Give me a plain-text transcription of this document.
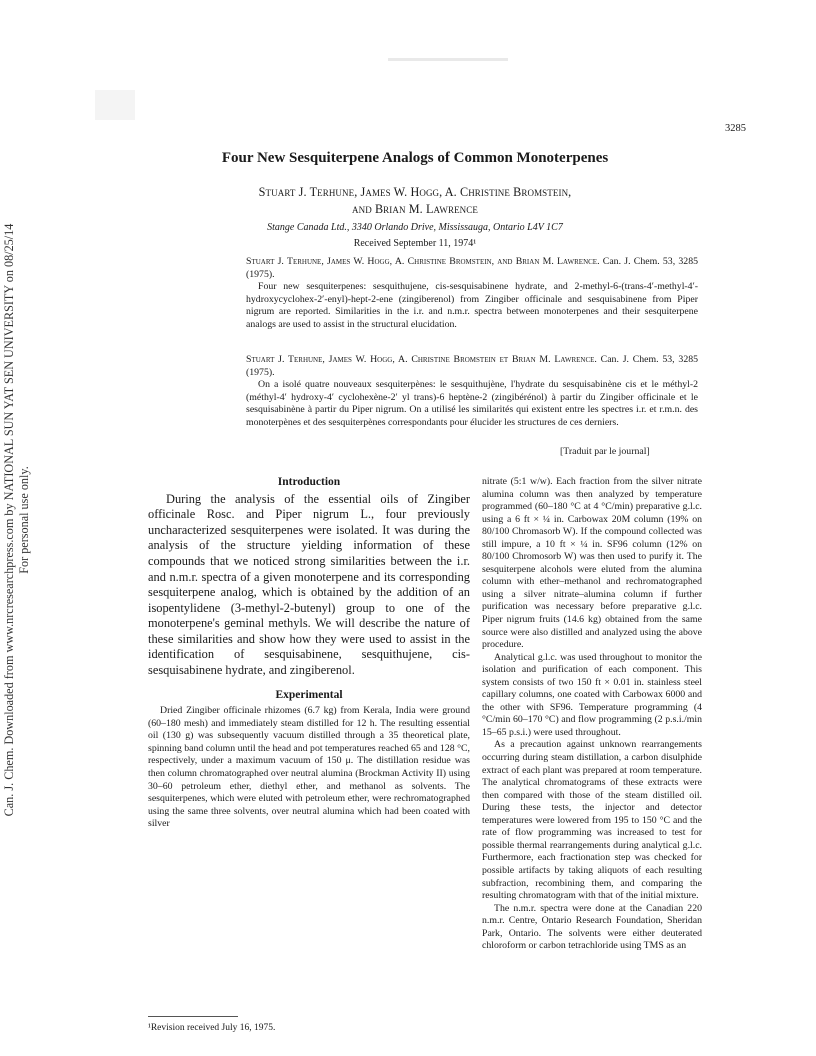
Can. J. Chem. Downloaded from www.nrcresearchpress.com by NATIONAL SUN YAT SEN UNIVERSITY on 08/25/14 For personal use only.
3285
Four New Sesquiterpene Analogs of Common Monoterpenes
Stuart J. Terhune, James W. Hogg, A. Christine Bromstein,
and Brian M. Lawrence
Stange Canada Ltd., 3340 Orlando Drive, Mississauga, Ontario L4V 1C7
Received September 11, 1974¹

Stuart J. Terhune, James W. Hogg, A. Christine Bromstein, and Brian M. Lawrence. Can. J. Chem. 53, 3285 (1975).

Four new sesquiterpenes: sesquithujene, cis-sesquisabinene hydrate, and 2-methyl-6-(trans-4′-methyl-4′-hydroxycyclohex-2′-enyl)-hept-2-ene (zingiberenol) from Zingiber officinale and sesquisabinene from Piper nigrum are reported. Similarities in the i.r. and n.m.r. spectra between monoterpenes and their sesquiterpene analogs are used to assist in the structural elucidation.

Stuart J. Terhune, James W. Hogg, A. Christine Bromstein et Brian M. Lawrence. Can. J. Chem. 53, 3285 (1975).

On a isolé quatre nouveaux sesquiterpènes: le sesquithujène, l'hydrate du sesquisabinène cis et le méthyl-2 (méthyl-4′ hydroxy-4′ cyclohexène-2′ yl trans)-6 heptène-2 (zingibérénol) à partir du Zingiber officinale et le sesquisabinène à partir du Piper nigrum. On a utilisé les similarités qui existent entre les spectres i.r. et r.m.n. des monoterpènes et des sesquiterpènes correspondants pour élucider les structures de ces derniers.

[Traduit par le journal]
Introduction

During the analysis of the essential oils of Zingiber officinale Rosc. and Piper nigrum L., four previously uncharacterized sesquiterpenes were isolated. It was during the analysis of the structure yielding information of these compounds that we noticed strong similarities between the i.r. and n.m.r. spectra of a given monoterpene and its corresponding sesquiterpene analog, which is obtained by the addition of an isopentylidene (3-methyl-2-butenyl) group to one of the monoterpene's geminal methyls. We will describe the nature of these similarities and show how they were used to assist in the identification of sesquisabinene, sesquithujene, cis-sesquisabinene hydrate, and zingiberenol.

Experimental

Dried Zingiber officinale rhizomes (6.7 kg) from Kerala, India were ground (60–180 mesh) and immediately steam distilled for 12 h. The resulting essential oil (130 g) was subsequently vacuum distilled through a 35 theoretical plate, spinning band column until the head and pot temperatures reached 65 and 128 °C, respectively, under a maximum vacuum of 150 μ. The distillation residue was then column chromatographed over neutral alumina (Brockman Activity II) using 30–60 petroleum ether, diethyl ether, and methanol as solvents. The sesquiterpenes, which were eluted with petroleum ether, were rechromatographed using the same three solvents, over neutral alumina which had been coated with silver

nitrate (5:1 w/w). Each fraction from the silver nitrate alumina column was then analyzed by temperature programmed (60–180 °C at 4 °C/min) preparative g.l.c. using a 6 ft × ¼ in. Carbowax 20M column (19% on 80/100 Chromasorb W). If the compound collected was still impure, a 10 ft × ¼ in. SF96 column (12% on 80/100 Chromosorb W) was then used to purify it. The sesquiterpene alcohols were eluted from the alumina column with ether–methanol and rechromatographed using a silver nitrate–alumina column if further purification was necessary before preparative g.l.c. Piper nigrum fruits (14.6 kg) obtained from the same source were also distilled and analyzed using the above procedure.

Analytical g.l.c. was used throughout to monitor the isolation and purification of each component. This system consists of two 150 ft × 0.01 in. stainless steel capillary columns, one coated with Carbowax 6000 and the other with SF96. Temperature programming (4 °C/min 60–170 °C) and flow programming (2 p.s.i./min 15–65 p.s.i.) were used throughout.

As a precaution against unknown rearrangements occurring during steam distillation, a carbon disulphide extract of each plant was prepared at room temperature. The analytical chromatograms of these extracts were then compared with those of the steam distilled oil. During these tests, the injector and detector temperatures were lowered from 195 to 150 °C and the rate of flow programming was increased to test for possible thermal rearrangements during analytical g.l.c. Furthermore, each fractionation step was checked for possible artifacts by taking aliquots of each resulting subfraction, recombining them, and comparing the resulting chromatogram with that of the initial mixture.

The n.m.r. spectra were done at the Canadian 220 n.m.r. Centre, Ontario Research Foundation, Sheridan Park, Ontario. The solvents were either deuterated chloroform or carbon tetrachloride using TMS as an

¹Revision received July 16, 1975.
